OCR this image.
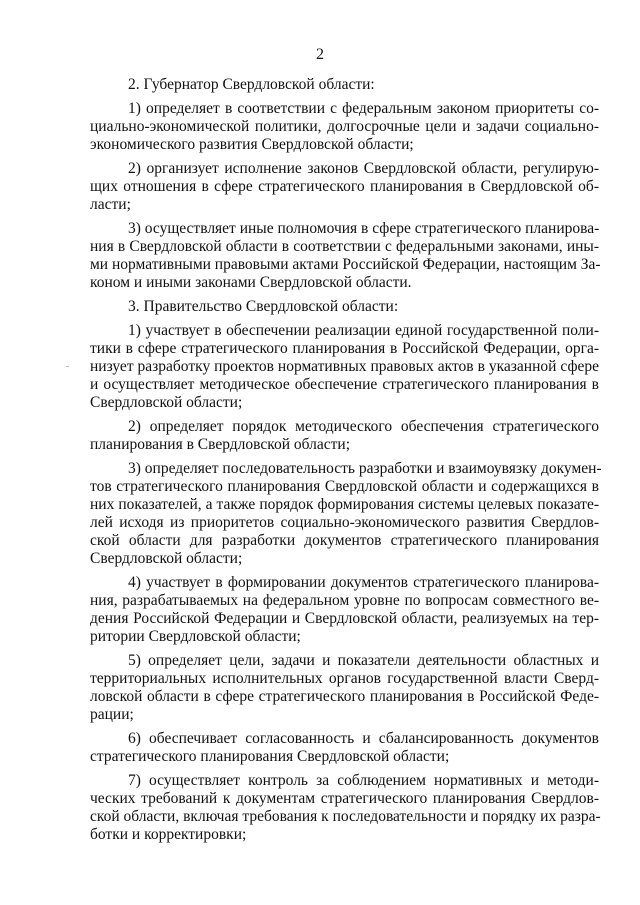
2
2. Губернатор Свердловской области:
1) определяет в соответствии с федеральным законом приоритеты со-
циально-экономической политики, долгосрочные цели и задачи социально-
экономического развития Свердловской области;
2) организует исполнение законов Свердловской области, регулирую-
щих отношения в сфере стратегического планирования в Свердловской об-
ласти;
3) осуществляет иные полномочия в сфере стратегического планирова-
ния в Свердловской области в соответствии с федеральными законами, ины-
ми нормативными правовыми актами Российской Федерации, настоящим За-
коном и иными законами Свердловской области.
3. Правительство Свердловской области:
1) участвует в обеспечении реализации единой государственной поли-
тики в сфере стратегического планирования в Российской Федерации, орга-
низует разработку проектов нормативных правовых актов в указанной сфере
и осуществляет методическое обеспечение стратегического планирования в
Свердловской области;
2) определяет порядок методического обеспечения стратегического
планирования в Свердловской области;
3) определяет последовательность разработки и взаимоувязку докумен-
тов стратегического планирования Свердловской области и содержащихся в
них показателей, а также порядок формирования системы целевых показате-
лей исходя из приоритетов социально-экономического развития Свердлов-
ской области для разработки документов стратегического планирования
Свердловской области;
4) участвует в формировании документов стратегического планирова-
ния, разрабатываемых на федеральном уровне по вопросам совместного ве-
дения Российской Федерации и Свердловской области, реализуемых на тер-
ритории Свердловской области;
5) определяет цели, задачи и показатели деятельности областных и
территориальных исполнительных органов государственной власти Сверд-
ловской области в сфере стратегического планирования в Российской Феде-
рации;
6) обеспечивает согласованность и сбалансированность документов
стратегического планирования Свердловской области;
7) осуществляет контроль за соблюдением нормативных и методи-
ческих требований к документам стратегического планирования Свердлов-
ской области, включая требования к последовательности и порядку их разра-
ботки и корректировки;
